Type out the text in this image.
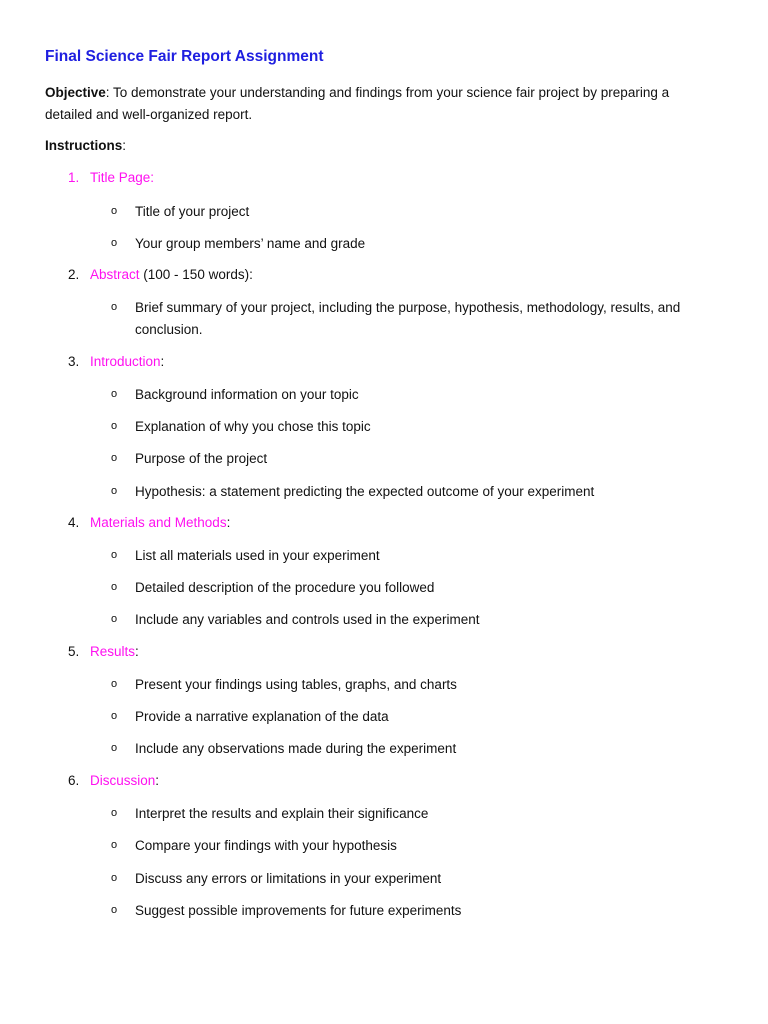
Final Science Fair Report Assignment
Objective: To demonstrate your understanding and findings from your science fair project by preparing a detailed and well-organized report.
Instructions:
1. Title Page:
o Title of your project
o Your group members’ name and grade
2. Abstract (100 - 150 words):
o Brief summary of your project, including the purpose, hypothesis, methodology, results, and conclusion.
3. Introduction:
o Background information on your topic
o Explanation of why you chose this topic
o Purpose of the project
o Hypothesis: a statement predicting the expected outcome of your experiment
4. Materials and Methods:
o List all materials used in your experiment
o Detailed description of the procedure you followed
o Include any variables and controls used in the experiment
5. Results:
o Present your findings using tables, graphs, and charts
o Provide a narrative explanation of the data
o Include any observations made during the experiment
6. Discussion:
o Interpret the results and explain their significance
o Compare your findings with your hypothesis
o Discuss any errors or limitations in your experiment
o Suggest possible improvements for future experiments
